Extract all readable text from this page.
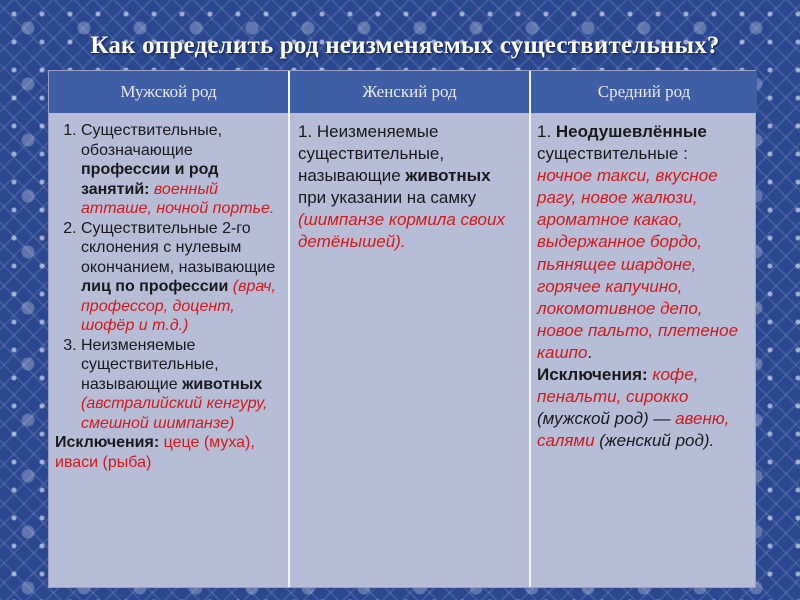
Как определить род неизменяемых существительных?
Мужской род	Женский род	Средний род
1. Существительные, обозначающие профессии и род занятий: военный атташе, ночной портье.
2. Существительные 2-го склонения с нулевым окончанием, называющие лиц по профессии (врач, профессор, доцент, шофёр и т.д.)
3. Неизменяемые существительные, называющие животных (австралийский кенгуру, смешной шимпанзе)

Исключения: цеце (муха), иваси (рыба)

1. Неизменяемые существительные, называющие животных при указании на самку (шимпанзе кормила своих детёнышей).

1. Неодушевлённые существительные :
ночное такси, вкусное рагу, новое жалюзи, ароматное какао, выдержанное бордо, пьянящее шардоне, горячее капучино, локомотивное депо, новое пальто, плетеное кашпо.
Исключения: кофе, пенальти, сирокко (мужской род) — авеню, салями (женский род).
